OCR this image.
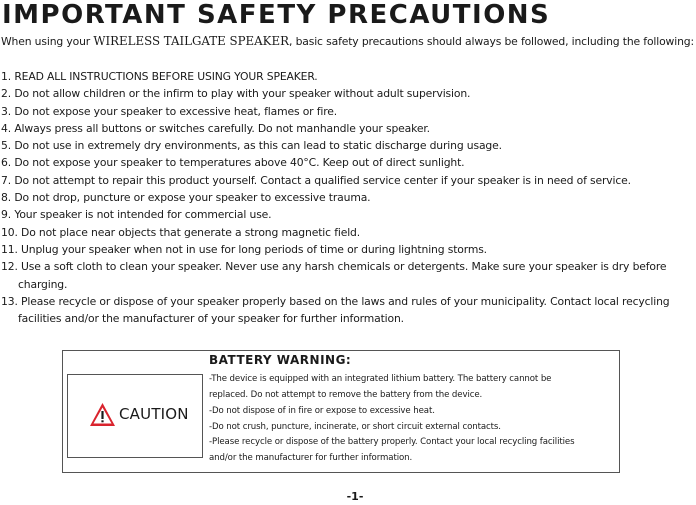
IMPORTANT SAFETY PRECAUTIONS
When using your WIRELESS TAILGATE SPEAKER, basic safety precautions should always be followed, including the following:
1. READ ALL INSTRUCTIONS BEFORE USING YOUR SPEAKER.
2. Do not allow children or the infirm to play with your speaker without adult supervision.
3. Do not expose your speaker to excessive heat, flames or fire.
4. Always press all buttons or switches carefully. Do not manhandle your speaker.
5. Do not use in extremely dry environments, as this can lead to static discharge during usage.
6. Do not expose your speaker to temperatures above 40°C. Keep out of direct sunlight.
7. Do not attempt to repair this product yourself. Contact a qualified service center if your speaker is in need of service.
8. Do not drop, puncture or expose your speaker to excessive trauma.
9. Your speaker is not intended for commercial use.
10. Do not place near objects that generate a strong magnetic field.
11. Unplug your speaker when not in use for long periods of time or during lightning storms.
12. Use a soft cloth to clean your speaker. Never use any harsh chemicals or detergents. Make sure your speaker is dry before
charging.
13. Please recycle or dispose of your speaker properly based on the laws and rules of your municipality. Contact local recycling
facilities and/or the manufacturer of your speaker for further information.
CAUTION
BATTERY WARNING:
-The device is equipped with an integrated lithium battery. The battery cannot be
replaced. Do not attempt to remove the battery from the device.
-Do not dispose of in fire or expose to excessive heat.
-Do not crush, puncture, incinerate, or short circuit external contacts.
-Please recycle or dispose of the battery properly. Contact your local recycling facilities
and/or the manufacturer for further information.
-1-
